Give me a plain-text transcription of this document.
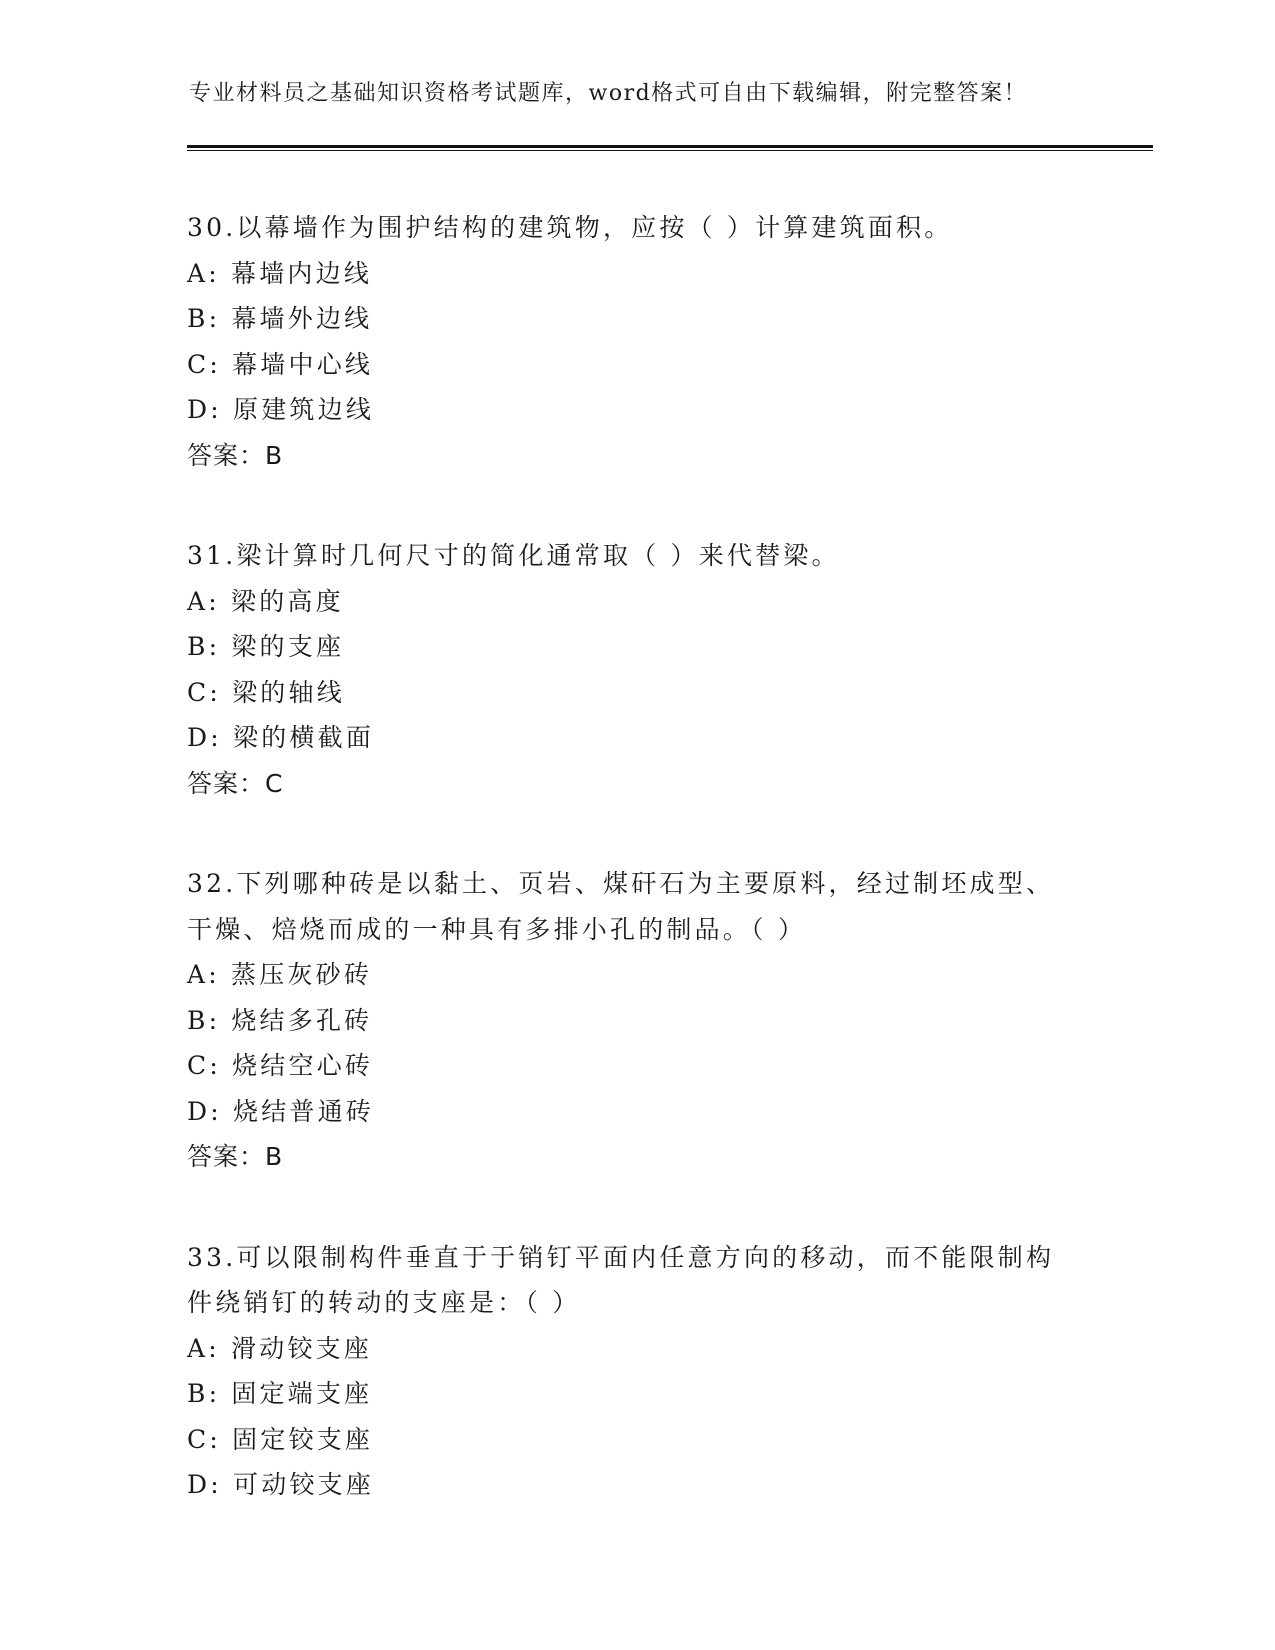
专业材料员之基础知识资格考试题库，word格式可自由下载编辑，附完整答案！
30.以幕墙作为围护结构的建筑物，应按（ ）计算建筑面积。
A: 幕墙内边线
B: 幕墙外边线
C: 幕墙中心线
D: 原建筑边线
答案：B
31.梁计算时几何尺寸的简化通常取（ ）来代替梁。
A: 梁的高度
B: 梁的支座
C: 梁的轴线
D: 梁的横截面
答案：C
32.下列哪种砖是以黏土、页岩、煤矸石为主要原料，经过制坯成型、
干燥、焙烧而成的一种具有多排小孔的制品。（ ）
A: 蒸压灰砂砖
B: 烧结多孔砖
C: 烧结空心砖
D: 烧结普通砖
答案：B
33.可以限制构件垂直于于销钉平面内任意方向的移动，而不能限制构
件绕销钉的转动的支座是：（ ）
A: 滑动铰支座
B: 固定端支座
C: 固定铰支座
D: 可动铰支座
